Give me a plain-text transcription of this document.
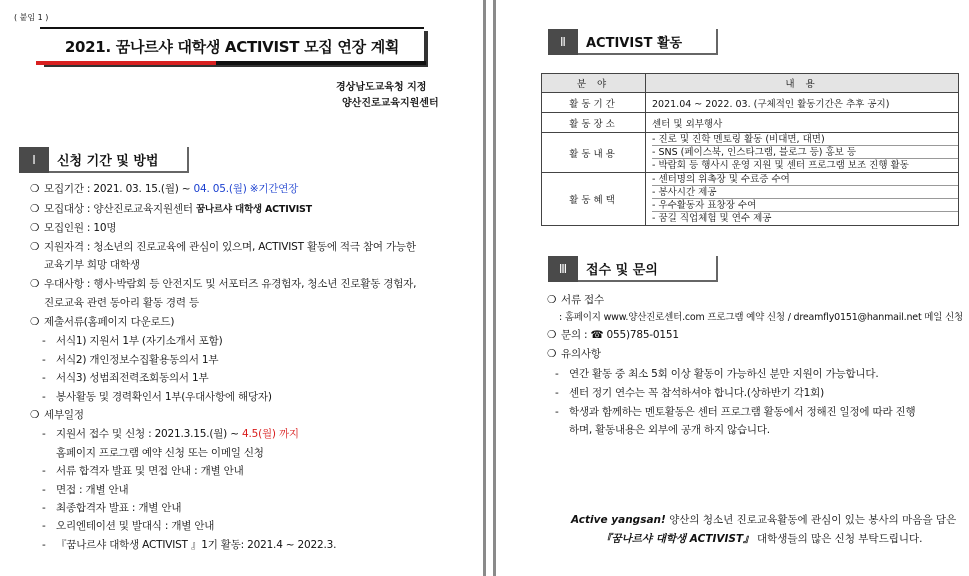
( 붙임 1 )
2021. 꿈나르샤 대학생 ACTIVIST 모집 연장 계획
경상남도교육청 지정
양산진로교육지원센터
Ⅰ	신청 기간 및 방법
❍ 모집기간 : 2021. 03. 15.(월) ~ 04. 05.(월) ※기간연장
❍ 모집대상 : 양산진로교육지원센터 꿈나르샤 대학생 ACTIVIST
❍ 모집인원 : 10명
❍ 지원자격 : 청소년의 진로교육에 관심이 있으며, ACTIVIST 활동에 적극 참여 가능한
교육기부 희망 대학생
❍ 우대사항 : 행사·박람회 등 안전지도 및 서포터즈 유경험자, 청소년 진로활동 경험자,
진로교육 관련 동아리 활동 경력 등
❍ 제출서류(홈페이지 다운로드)
- 서식1) 지원서 1부 (자기소개서 포함)
- 서식2) 개인정보수집활용동의서 1부
- 서식3) 성범죄전력조회동의서 1부
- 봉사활동 및 경력확인서 1부(우대사항에 해당자)
❍ 세부일정
- 지원서 접수 및 신청 : 2021.3.15.(월) ~ 4.5(월) 까지
홈페이지 프로그램 예약 신청 또는 이메일 신청
- 서류 합격자 발표 및 면접 안내 : 개별 안내
- 면접 : 개별 안내
- 최종합격자 발표 : 개별 안내
- 오리엔테이션 및 발대식 : 개별 안내
- 『꿈나르샤 대학생 ACTIVIST 』1기 활동: 2021.4 ~ 2022.3.
Ⅱ	ACTIVIST 활동
분 야	내 용
활동기간	2021.04 ~ 2022. 03. (구체적인 활동기간은 추후 공지)
활동장소	센터 및 외부행사
활동내용	- 진로 및 진학 멘토링 활동 (비대면, 대면)
- SNS (페이스북, 인스타그램, 블로그 등) 홍보 등
- 박람회 등 행사시 운영 지원 및 센터 프로그램 보조 진행 활동

활동혜택	- 센터명의 위촉장 및 수료증 수여
- 봉사시간 제공
- 우수활동자 표창장 수여
- 꿈길 직업체험 및 연수 제공
Ⅲ	접수 및 문의
❍ 서류 접수
: 홈페이지 www.양산진로센터.com 프로그램 예약 신청 / dreamfly0151@hanmail.net 메일 신청
❍ 문의 : ☎ 055)785-0151
❍ 유의사항
- 연간 활동 중 최소 5회 이상 활동이 가능하신 분만 지원이 가능합니다.
- 센터 정기 연수는 꼭 참석하셔야 합니다.(상하반기 각1회)
- 학생과 함께하는 멘토활동은 센터 프로그램 활동에서 정해진 일정에 따라 진행
하며, 활동내용은 외부에 공개 하지 않습니다.
Active yangsan! 양산의 청소년 진로교육활동에 관심이 있는 봉사의 마음을 담은
『꿈나르샤 대학생 ACTIVIST』 대학생들의 많은 신청 부탁드립니다.
